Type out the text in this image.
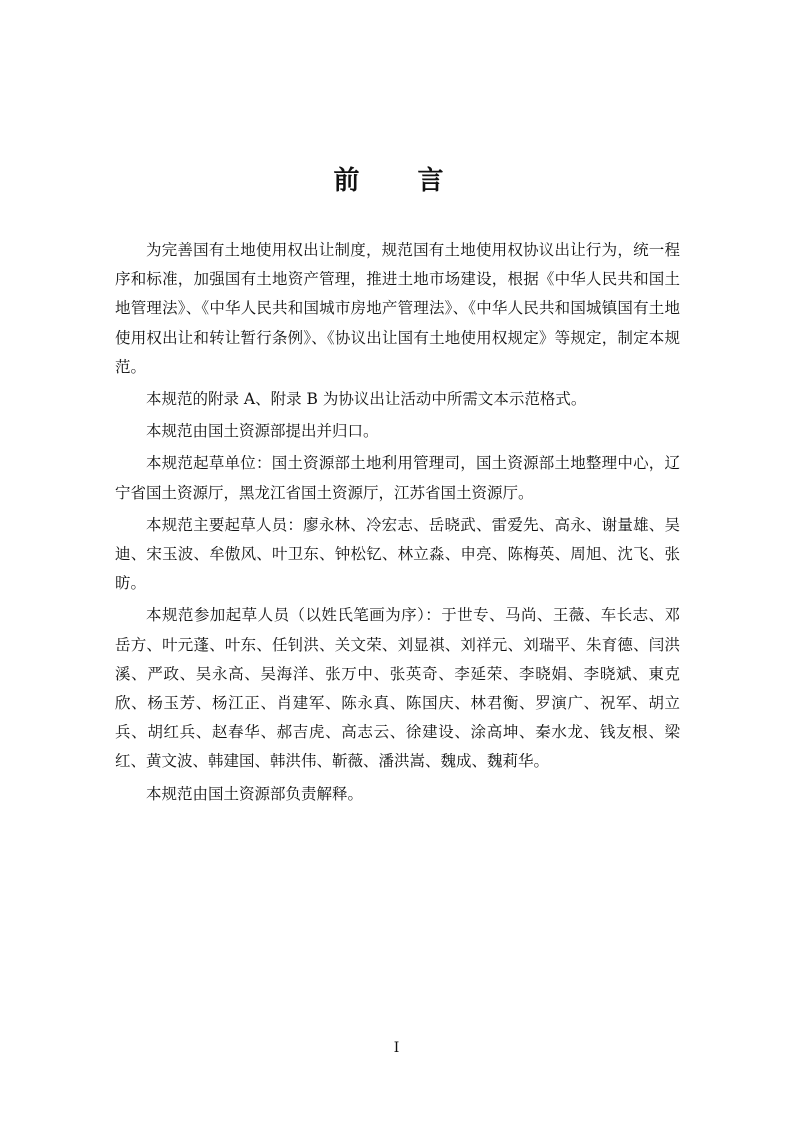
前　言

为完善国有土地使用权出让制度，规范国有土地使用权协议出让行为，统一程序和标准，加强国有土地资产管理，推进土地市场建设，根据《中华人民共和国土地管理法》、《中华人民共和国城市房地产管理法》、《中华人民共和国城镇国有土地使用权出让和转让暂行条例》、《协议出让国有土地使用权规定》等规定，制定本规范。

本规范的附录 A、附录 B 为协议出让活动中所需文本示范格式。

本规范由国土资源部提出并归口。

本规范起草单位：国土资源部土地利用管理司，国土资源部土地整理中心，辽宁省国土资源厅，黑龙江省国土资源厅，江苏省国土资源厅。

本规范主要起草人员：廖永林、冷宏志、岳晓武、雷爱先、高永、谢量雄、吴迪、宋玉波、牟傲风、叶卫东、钟松钇、林立淼、申亮、陈梅英、周旭、沈飞、张昉。

本规范参加起草人员（以姓氏笔画为序）：于世专、马尚、王薇、车长志、邓岳方、叶元蓬、叶东、任钊洪、关文荣、刘显祺、刘祥元、刘瑞平、朱育德、闫洪溪、严政、吴永高、吴海洋、张万中、张英奇、李延荣、李晓娟、李晓斌、東克欣、杨玉芳、杨江正、肖建军、陈永真、陈国庆、林君衡、罗演广、祝军、胡立兵、胡红兵、赵春华、郝吉虎、高志云、徐建设、涂高坤、秦水龙、钱友根、梁红、黄文波、韩建国、韩洪伟、靳薇、潘洪嵩、魏成、魏莉华。

本规范由国土资源部负责解释。

I
